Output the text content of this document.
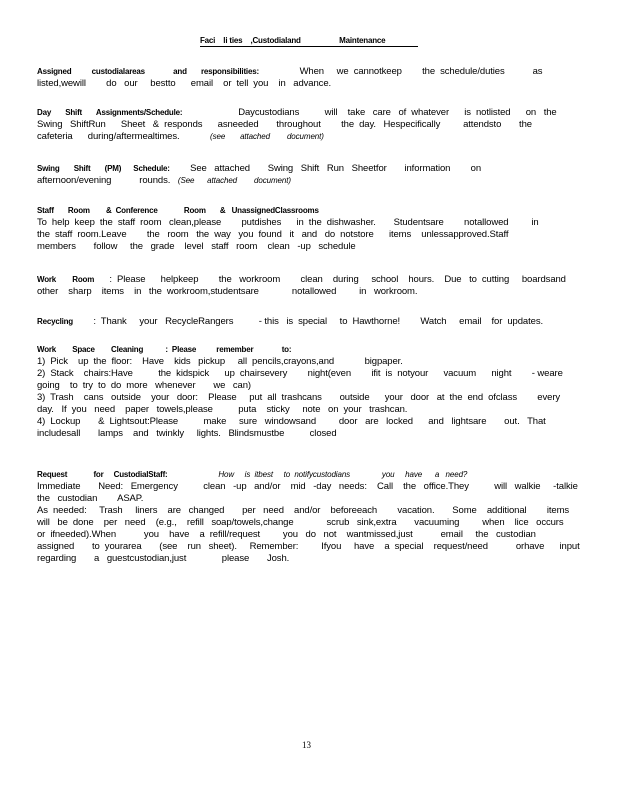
Faci    li ties    ,Custodialand                   Maintenance
Assigned          custodialareas              and       responsibilities:	When     we  cannotkeep        the  schedule/duties           as
listed,wewill        do   our     bestto      email    or  tell  you    in   advance.
Day       Shift       Assignments/Schedule:	Daycustodians          will    take   care   of  whatever      is  notlisted      on   the
Swing   ShiftRun      Sheet   &  responds      asneeded       throughout        the  day.   Hespecifically         attendsto       the
cafeteria      during/aftermealtimes.	(see       attached        document)
Swing       Shift       (PM)      Schedule: See   attached       Swing   Shift   Run   Sheetfor       information        on
afternoon/evening           rounds. (See      attached        document)
Staff       Room        &  Conference             Room       &   UnassignedClassrooms
To  help  keep  the  staff  room   clean,please        putdishes      in  the  dishwasher.       Studentsare        notallowed         in
the  staff  room.Leave        the   room   the  way   you  found   it   and   do  notstore      items    unlessapproved.Staff
members       follow     the   grade    level   staff   room    clean   -up   schedule
Work        Room :  Please      helpkeep        the   workroom        clean    during     school    hours.    Due   to  cutting     boardsand
other    sharp    items    in   the  workroom,studentsare             notallowed         in   workroom.
Recycling :  Thank     your   RecycleRangers          - this   is  special     to  Hawthorne!        Watch     email    for  updates.
Work        Space        Cleaning           :  Please          remember              to:
1)  Pick    up  the  floor:    Have    kids   pickup     all  pencils,crayons,and            bigpaper.
2)  Stack    chairs:Have          the  kidspick      up  chairsevery        night(even        ifit  is  notyour      vacuum      night        - weare
going    to  try  to  do  more   whenever       we   can)
3)  Trash    cans   outside    your   door:    Please     put  all  trashcans       outside      your   door   at  the  end  ofclass        every
day.   If  you   need    paper   towels,please          puta    sticky     note   on  your   trashcan.
4)  Lockup       &  Lightsout:Please          make     sure   windowsand         door   are   locked      and   lightsare       out.   That
includesall       lamps    and   twinkly     lights.   Blindsmustbe          closed
Request             for     CustodialStaff:	How     is  itbest     to  notifycustodians               you     have      a   need?
Immediate       Need:   Emergency          clean   -up   and/or    mid   -day   needs:    Call    the   office.They          will   walkie     -talkie
the   custodian        ASAP.
As  needed:     Trash     liners    are   changed       per   need    and/or    beforeeach        vacation.       Some    additional        items
will   be  done    per   need    (e.g.,    refill   soap/towels,change             scrub   sink,extra       vacuuming         when    lice   occurs
or  ifneeded).When           you    have    a  refill/request         you   do   not    wantmissed,just           email     the   custodian
assigned       to  yourarea       (see    run   sheet).     Remember:         Ifyou     have    a  special    request/need           orhave      input
regarding       a   guestcustodian,just              please       Josh.
13
